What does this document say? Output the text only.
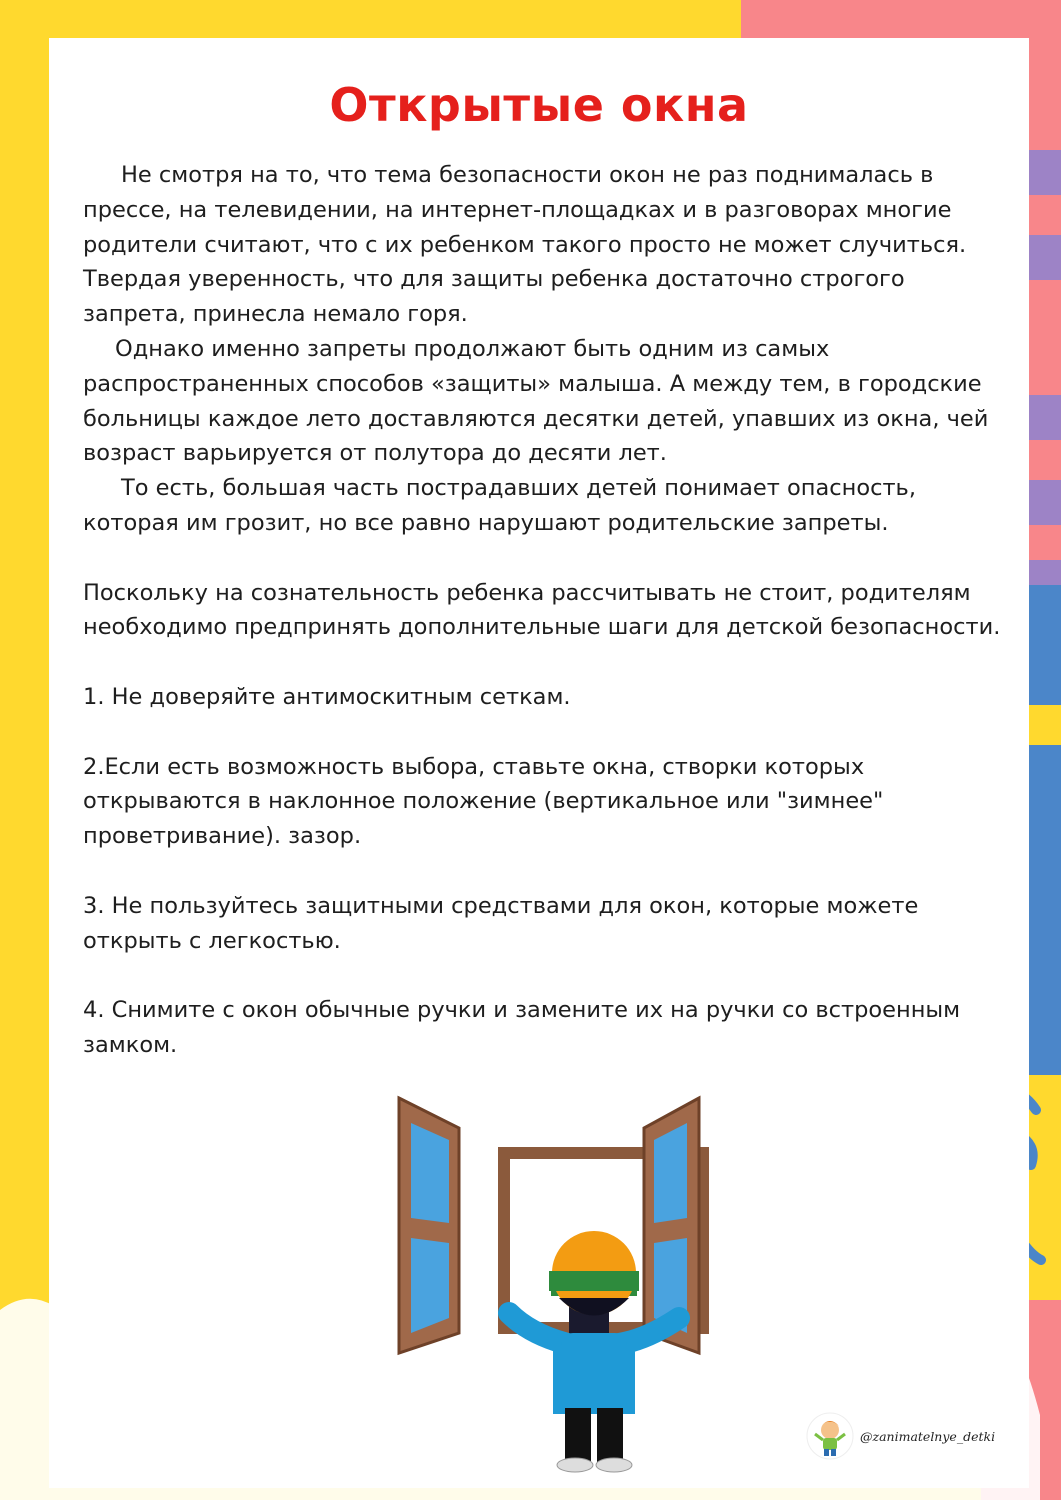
Открытые окна

Не смотря на то, что тема безопасности окон не раз поднималась в прессе, на телевидении, на интернет-площадках и в разговорах многие родители считают, что с их ребенком такого просто не может случиться. Твердая уверенность, что для защиты ребенка достаточно строгого запрета, принесла немало горя.

Однако именно запреты продолжают быть одним из самых распространенных способов «защиты» малыша. А между тем, в городские больницы каждое лето доставляются десятки детей, упавших из окна, чей возраст варьируется от полутора до десяти лет.

То есть, большая часть пострадавших детей понимает опасность, которая им грозит, но все равно нарушают родительские запреты.

Поскольку на сознательность ребенка рассчитывать не стоит, родителям необходимо предпринять дополнительные шаги для детской безопасности.

1. Не доверяйте антимоскитным сеткам.

2.Если есть возможность выбора, ставьте окна, створки которых открываются в наклонное положение (вертикальное или "зимнее" проветривание). зазор.

3. Не пользуйтесь защитными средствами для окон, которые можете открыть с легкостью.

4. Снимите с окон обычные ручки и замените их на ручки со встроенным замком.

@zanimatelnye_detki
